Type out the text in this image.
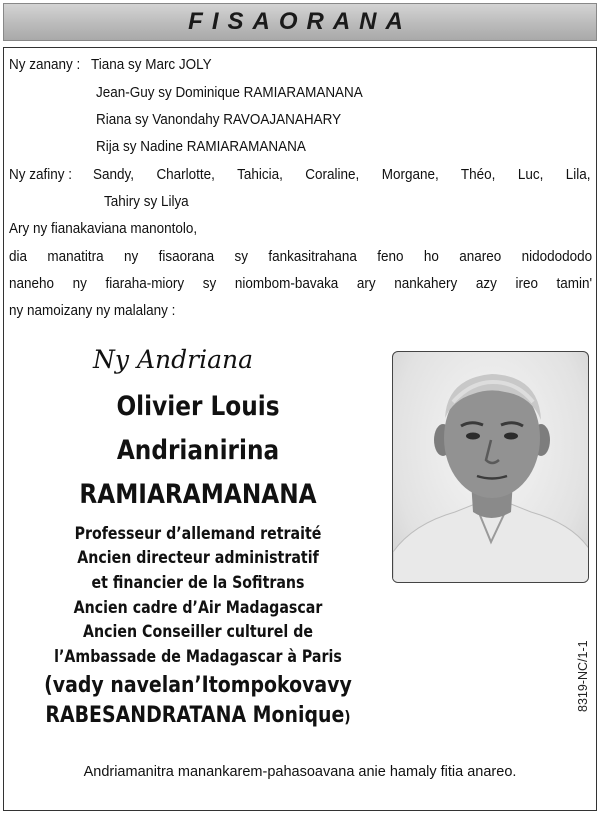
FISAORANA
Ny zanany : Tiana sy Marc JOLY
Jean-Guy sy Dominique RAMIARAMANANA
Riana sy Vanondahy RAVOAJANAHARY
Rija sy Nadine RAMIARAMANANA
Ny zafiny : Sandy, Charlotte, Tahicia, Coraline, Morgane, Théo, Luc, Lila,
Tahiry sy Lilya
Ary ny fianakaviana manontolo,
dia manatitra ny fisaorana sy fankasitrahana feno ho anareo nidodododo
naneho ny fiaraha-miory sy niombom-bavaka ary nankahery azy ireo tamin'
ny namoizany ny malalany :
Ny Andriana
Olivier Louis
Andrianirina
RAMIARAMANANA
Professeur d’allemand retraité
Ancien directeur administratif
et financier de la Sofitrans
Ancien cadre d’Air Madagascar
Ancien Conseiller culturel de
l’Ambassade de Madagascar à Paris
(vady navelan’Itompokovavy
RABESANDRATANA Monique)
8319-NC/1-1
Andriamanitra manankarem-pahasoavana anie hamaly fitia anareo.
